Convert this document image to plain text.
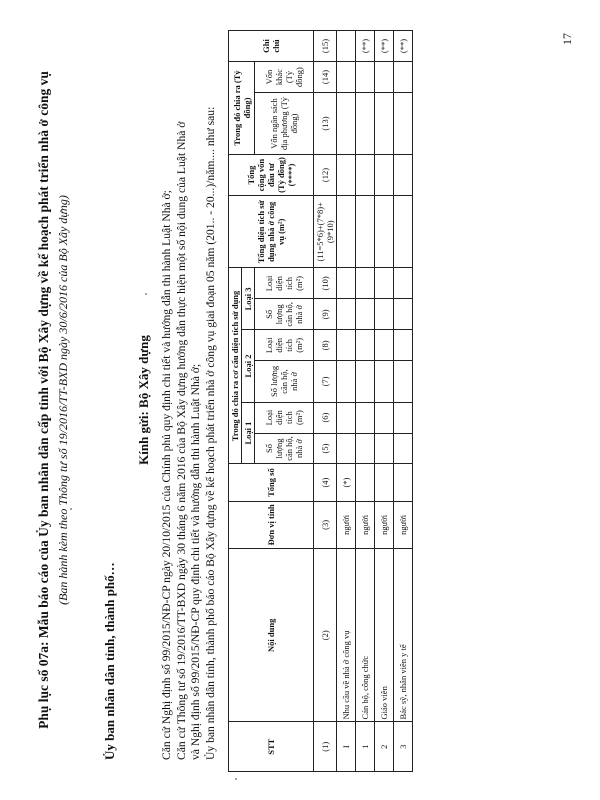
Phụ lục số 07a: Mẫu báo cáo của Ủy ban nhân dân cấp tỉnh với Bộ Xây dựng về kế hoạch phát triển nhà ở công vụ (Ban hành kèm theo Thông tư số 19/2016/TT-BXD ngày 30/6/2016 của Bộ Xây dựng)
Ủy ban nhân dân tỉnh, thành phố…
Kính gửi: Bộ Xây dựng Căn cứ Nghị định số 99/2015/NĐ-CP ngày 20/10/2015 của Chính phủ quy định chi tiết và hướng dẫn thi hành Luật Nhà ở; Căn cứ Thông tư số 19/2016/TT-BXD ngày 30 tháng 6 năm 2016 của Bộ Xây dựng hướng dẫn thực hiện một số nội dung của Luật Nhà ở và Nghị định số 99/2015/NĐ-CP quy định chi tiết và hướng dẫn thi hành Luật Nhà ở; Ủy ban nhân dân tỉnh, thành phố báo cáo Bộ Xây dựng về kế hoạch phát triển nhà ở công vụ giai đoạn 05 năm (201.. - 20...)/năm.... như sau:	STT	Nội dung	Đơn vị tính	Tổng số	Trong đó chia ra cơ cấu diện tích sử dụng						Tổng diện tích sử dụng nhà ở công vụ (m²)	Tổng cộng vốn đầu tư (Tỷ đồng) (****)	Trong đó chia ra (Tỷ đồng)		Ghi chú
				Loại 1		Loại 2		Loại 3						
				Số lượng căn hộ, nhà ở	Loại diện tích (m²)	Số lượng căn hộ, nhà ở	Loại diện tích (m²)	Số lượng căn hộ, nhà ở	Loại diện tích (m²)			Vốn ngân sách địa phương (Tỷ đồng)	Vốn khác (Tỷ đồng)	

(1)	(2)	(3)	(4)	(5)	(6)	(7)	(8)	(9)	(10)	(11=5*6)+(7*8)+(9*10)	(12)	(13)	(14)	(15)
I	Nhu cầu về nhà ở công vụ	người	(*)											
1	Cán bộ, công chức	người												(**)
2	Giáo viên	người												(**)
3	Bác sỹ, nhân viên y tế	người												(**)	17
